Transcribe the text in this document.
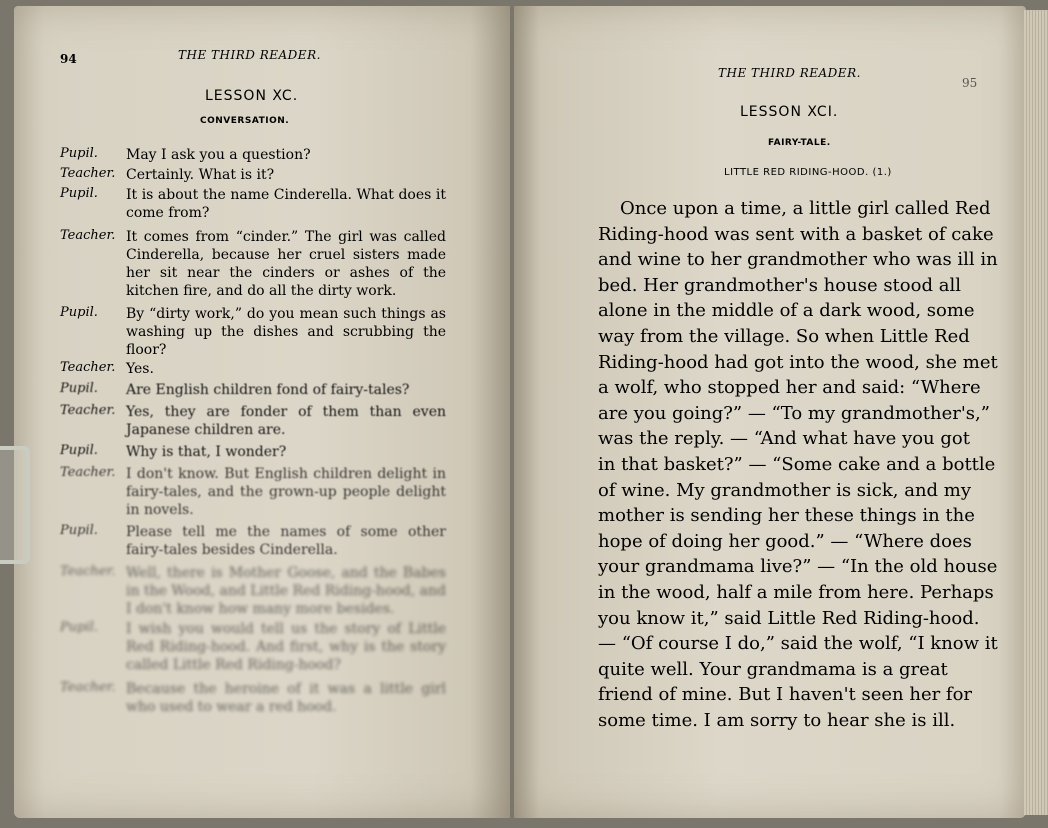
94	THE THIRD READER.
LESSON XC.
CONVERSATION.
Pupil. May I ask you a question?
Teacher. Certainly. What is it?
Pupil. It is about the name Cinderella. What does it come from?
Teacher. It comes from “cinder.” The girl was called Cinderella, because her cruel sisters made her sit near the cinders or ashes of the kitchen fire, and do all the dirty work.
Pupil. By “dirty work,” do you mean such things as washing up the dishes and scrubbing the floor?
Teacher. Yes.
Pupil. Are English children fond of fairy-tales?
Teacher. Yes, they are fonder of them than even Japanese children are.
Pupil. Why is that, I wonder?
Teacher. I don't know. But English children delight in fairy-tales, and the grown-up people delight in novels.
Pupil. Please tell me the names of some other fairy-tales besides Cinderella.
Teacher. Well, there is Mother Goose, and the Babes in the Wood, and Little Red Riding-hood, and I don't know how many more besides.
Pupil. I wish you would tell us the story of Little Red Riding-hood. And first, why is the story called Little Red Riding-hood?
Teacher. Because the heroine of it was a little girl who used to wear a red hood.
THE THIRD READER.
95
LESSON XCI.
FAIRY-TALE.
LITTLE RED RIDING-HOOD. (1.)
Once upon a time, a little girl called Red
Riding-hood was sent with a basket of cake
and wine to her grandmother who was ill in
bed. Her grandmother's house stood all
alone in the middle of a dark wood, some
way from the village. So when Little Red
Riding-hood had got into the wood, she met
a wolf, who stopped her and said: “Where
are you going?” — “To my grandmother's,”
was the reply. — “And what have you got
in that basket?” — “Some cake and a bottle
of wine. My grandmother is sick, and my
mother is sending her these things in the
hope of doing her good.” — “Where does
your grandmama live?” — “In the old house
in the wood, half a mile from here. Perhaps
you know it,” said Little Red Riding-hood.
— “Of course I do,” said the wolf, “I know it
quite well. Your grandmama is a great
friend of mine. But I haven't seen her for
some time. I am sorry to hear she is ill.
